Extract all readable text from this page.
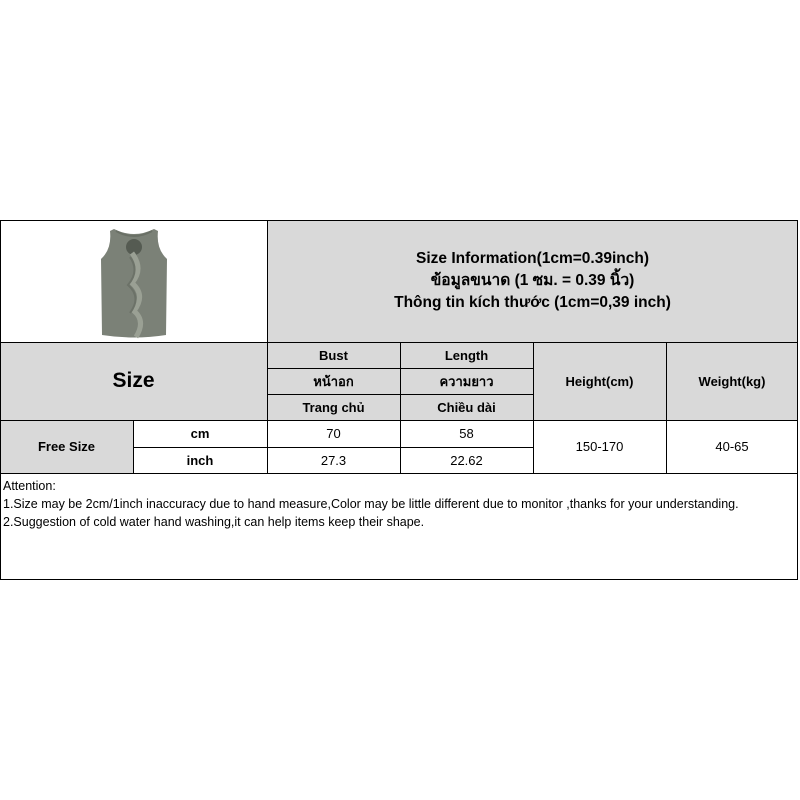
Size Information(1cm=0.39inch)
ข้อมูลขนาด (1 ซม. = 0.39 นิ้ว)
Thông tin kích thước (1cm=0,39 inch)
Size
Bust
หน้าอก
Trang chủ
Length
ความยาว
Chiều dài
Height(cm)	Weight(kg)
Free Size
cm
inch
70
27.3
58
22.62
150-170	40-65
Attention:
1.Size may be 2cm/1inch inaccuracy due to hand measure,Color may be little different due to monitor ,thanks for your understanding.
2.Suggestion of cold water hand washing,it can help items keep their shape.
